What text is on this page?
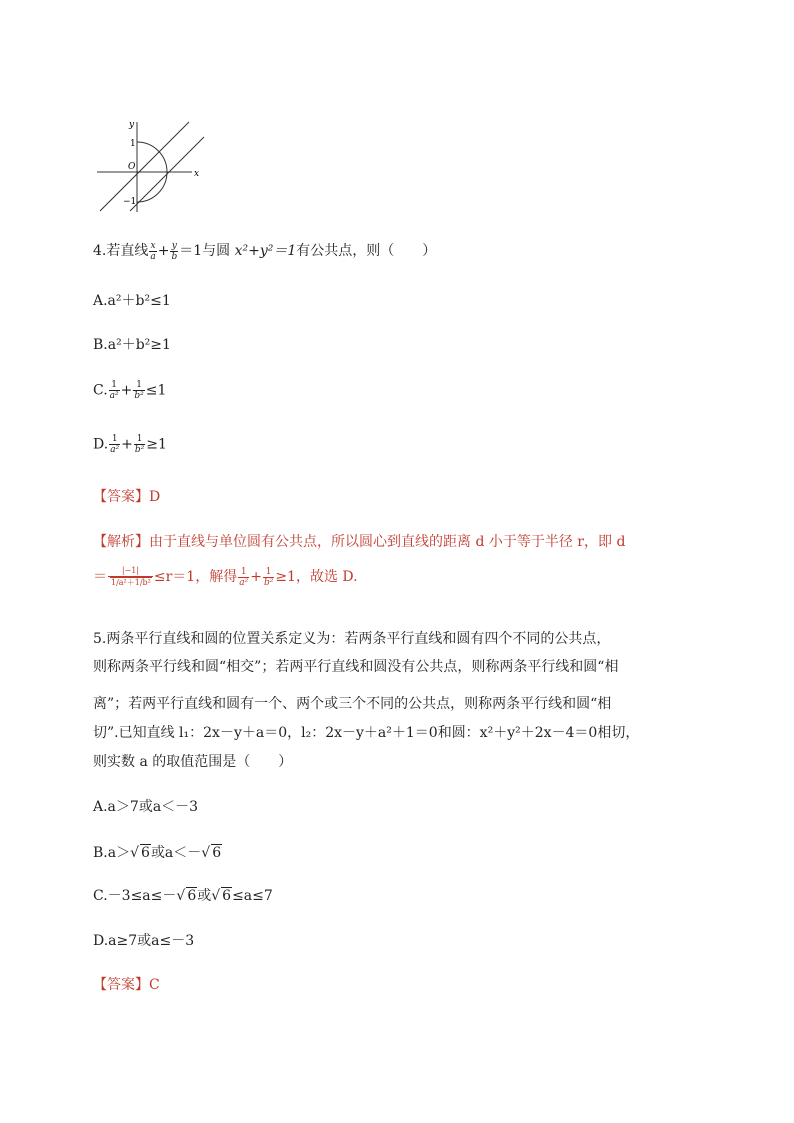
y
x
O
1
−1
4.若直线 $\frac{x}{a} + \frac{y}{b} =1$与圆 x²+y²＝1有公共点，则（　　）
A.a²＋b²≤1
B.a²＋b²≥1
C. $\frac{1}{\text{a²}} + \frac{1}{\text{b²}} \le 1$
D. $\frac{1}{\text{a²}} + \frac{1}{\text{b²}} \ge 1$
【答案】D
【解析】由于直线与单位圆有公共点，所以圆心到直线的距离 d 小于等于半径 r，即 d
＝ $\frac{|-1|}{\text{1/a²＋1/b²}} \le r=1$，解得 $\frac{1}{\text{a²}} + \frac{1}{\text{b²}} \ge 1$，故选 D.
5.两条平行直线和圆的位置关系定义为：若两条平行直线和圆有四个不同的公共点，
则称两条平行线和圆“相交”；若两平行直线和圆没有公共点，则称两条平行线和圆“相
离”；若两平行直线和圆有一个、两个或三个不同的公共点，则称两条平行线和圆“相
切”.已知直线 l₁：2x－y＋a＝0，l₂：2x－y＋a²＋1＝0和圆：x²＋y²＋2x－4＝0相切，
则实数 a 的取值范围是（　　）
A.a＞7或a＜－3
B.a＞√ 6或a＜－√ 6
C.－3≤a≤－√ 6或√ 6≤a≤7
D.a≥7或a≤－3
【答案】C
